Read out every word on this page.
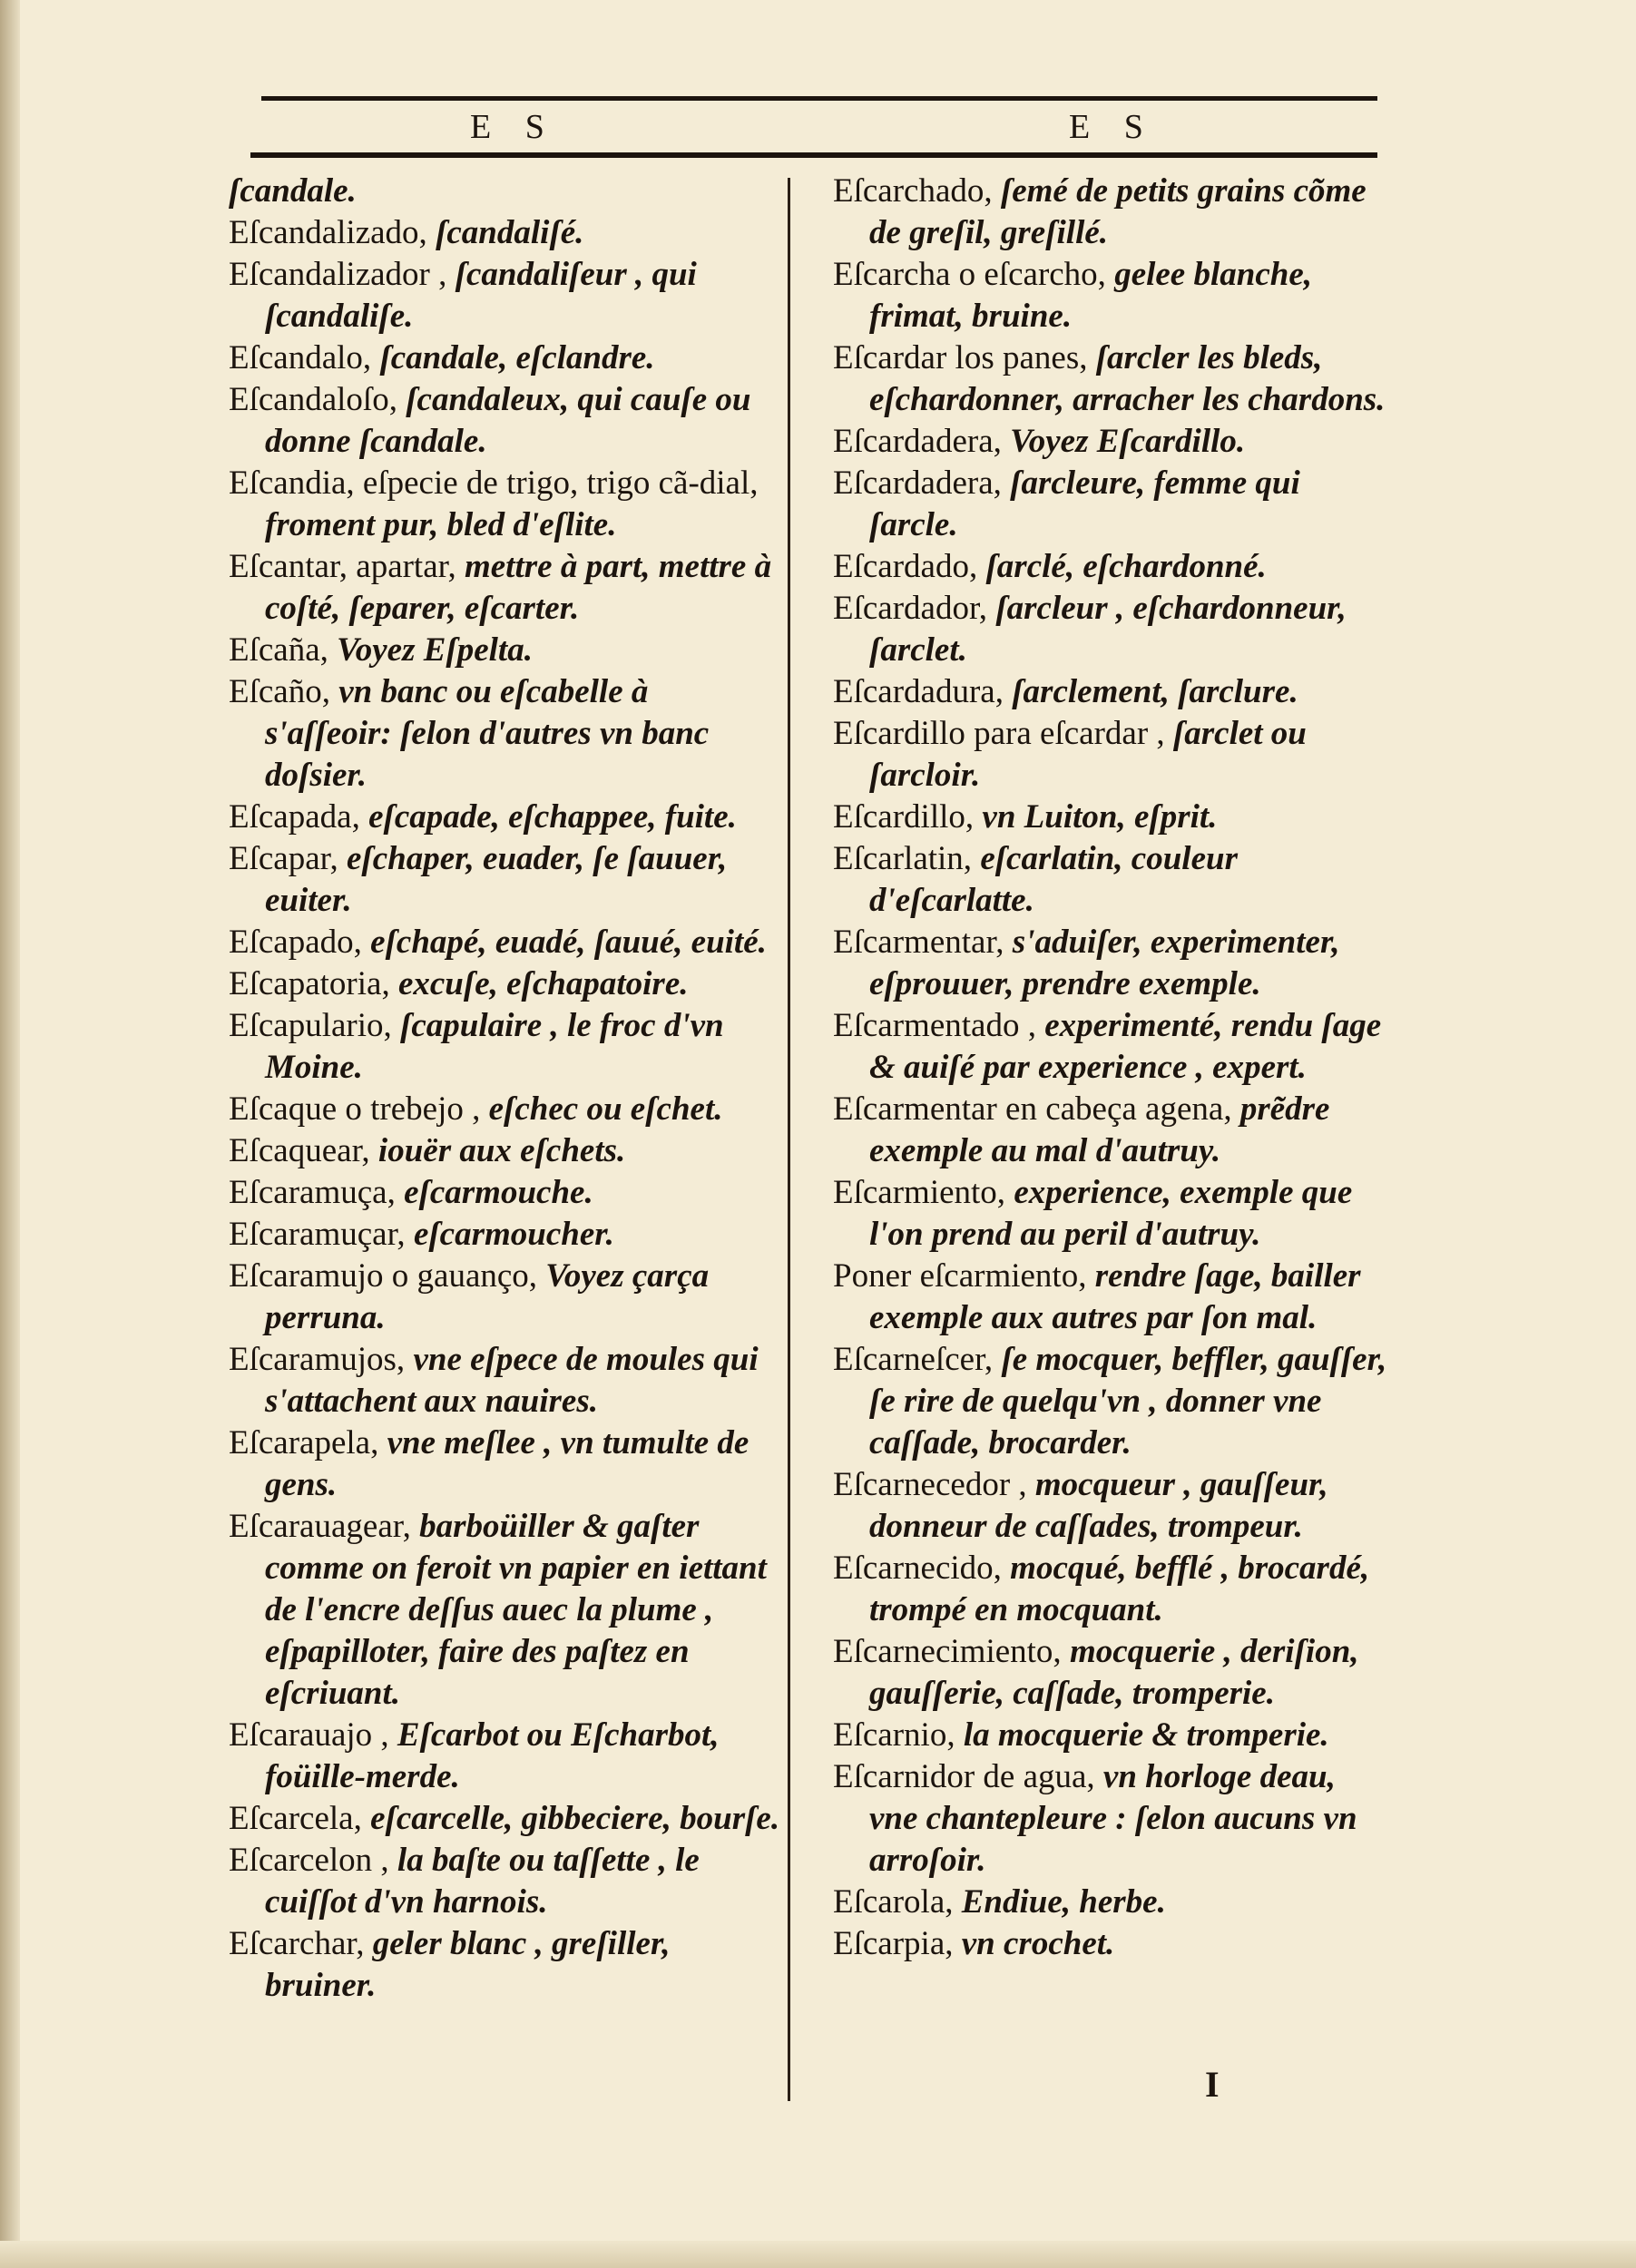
E S	E S

ſcandale.

Eſcandalizado, ſcandaliſé.

Eſcandalizador , ſcandaliſeur , qui ſcandaliſe.

Eſcandalo, ſcandale, eſclandre.

Eſcandaloſo, ſcandaleux, qui cauſe ou donne ſcandale.

Eſcandia, eſpecie de trigo, trigo cã-dial, froment pur, bled d'eſlite.

Eſcantar, apartar, mettre à part, mettre à coſté, ſeparer, eſcarter.

Eſcaña, Voyez Eſpelta.

Eſcaño, vn banc ou eſcabelle à s'aſſeoir: ſelon d'autres vn banc doſsier.

Eſcapada, eſcapade, eſchappee, fuite.

Eſcapar, eſchaper, euader, ſe ſauuer, euiter.

Eſcapado, eſchapé, euadé, ſauué, euité.

Eſcapatoria, excuſe, eſchapatoire.

Eſcapulario, ſcapulaire , le froc d'vn Moine.

Eſcaque o trebejo , eſchec ou eſchet.

Eſcaquear, iouër aux eſchets.

Eſcaramuça, eſcarmouche.

Eſcaramuçar, eſcarmoucher.

Eſcaramujo o gauanço, Voyez çarça perruna.

Eſcaramujos, vne eſpece de moules qui s'attachent aux nauires.

Eſcarapela, vne meſlee , vn tumulte de gens.

Eſcarauagear, barboüiller & gaſter comme on feroit vn papier en iettant de l'encre deſſus auec la plume , eſpapilloter, faire des paſtez en eſcriuant.

Eſcarauajo , Eſcarbot ou Eſcharbot, foüille-merde.

Eſcarcela, eſcarcelle, gibbeciere, bourſe.

Eſcarcelon , la baſte ou taſſette , le cuiſſot d'vn harnois.

Eſcarchar, geler blanc , greſiller, bruiner.

Eſcarchado, ſemé de petits grains cõme de greſil, greſillé.

Eſcarcha o eſcarcho, gelee blanche, frimat, bruine.

Eſcardar los panes, ſarcler les bleds, eſchardonner, arracher les chardons.

Eſcardadera, Voyez Eſcardillo.

Eſcardadera, ſarcleure, femme qui ſarcle.

Eſcardado, ſarclé, eſchardonné.

Eſcardador, ſarcleur , eſchardonneur, ſarclet.

Eſcardadura, ſarclement, ſarclure.

Eſcardillo para eſcardar , ſarclet ou ſarcloir.

Eſcardillo, vn Luiton, eſprit.

Eſcarlatin, eſcarlatin, couleur d'eſcarlatte.

Eſcarmentar, s'aduiſer, experimenter, eſprouuer, prendre exemple.

Eſcarmentado , experimenté, rendu ſage & auiſé par experience , expert.

Eſcarmentar en cabeça agena, prẽdre exemple au mal d'autruy.

Eſcarmiento, experience, exemple que l'on prend au peril d'autruy.

Poner eſcarmiento, rendre ſage, bailler exemple aux autres par ſon mal.

Eſcarneſcer, ſe mocquer, beffler, gauſſer, ſe rire de quelqu'vn , donner vne caſſade, brocarder.

Eſcarnecedor , mocqueur , gauſſeur, donneur de caſſades, trompeur.

Eſcarnecido, mocqué, befflé , brocardé, trompé en mocquant.

Eſcarnecimiento, mocquerie , deriſion, gauſſerie, caſſade, tromperie.

Eſcarnio, la mocquerie & tromperie.

Eſcarnidor de agua, vn horloge deau, vne chantepleure : ſelon aucuns vn arroſoir.

Eſcarola, Endiue, herbe.

Eſcarpia, vn crochet.

I
